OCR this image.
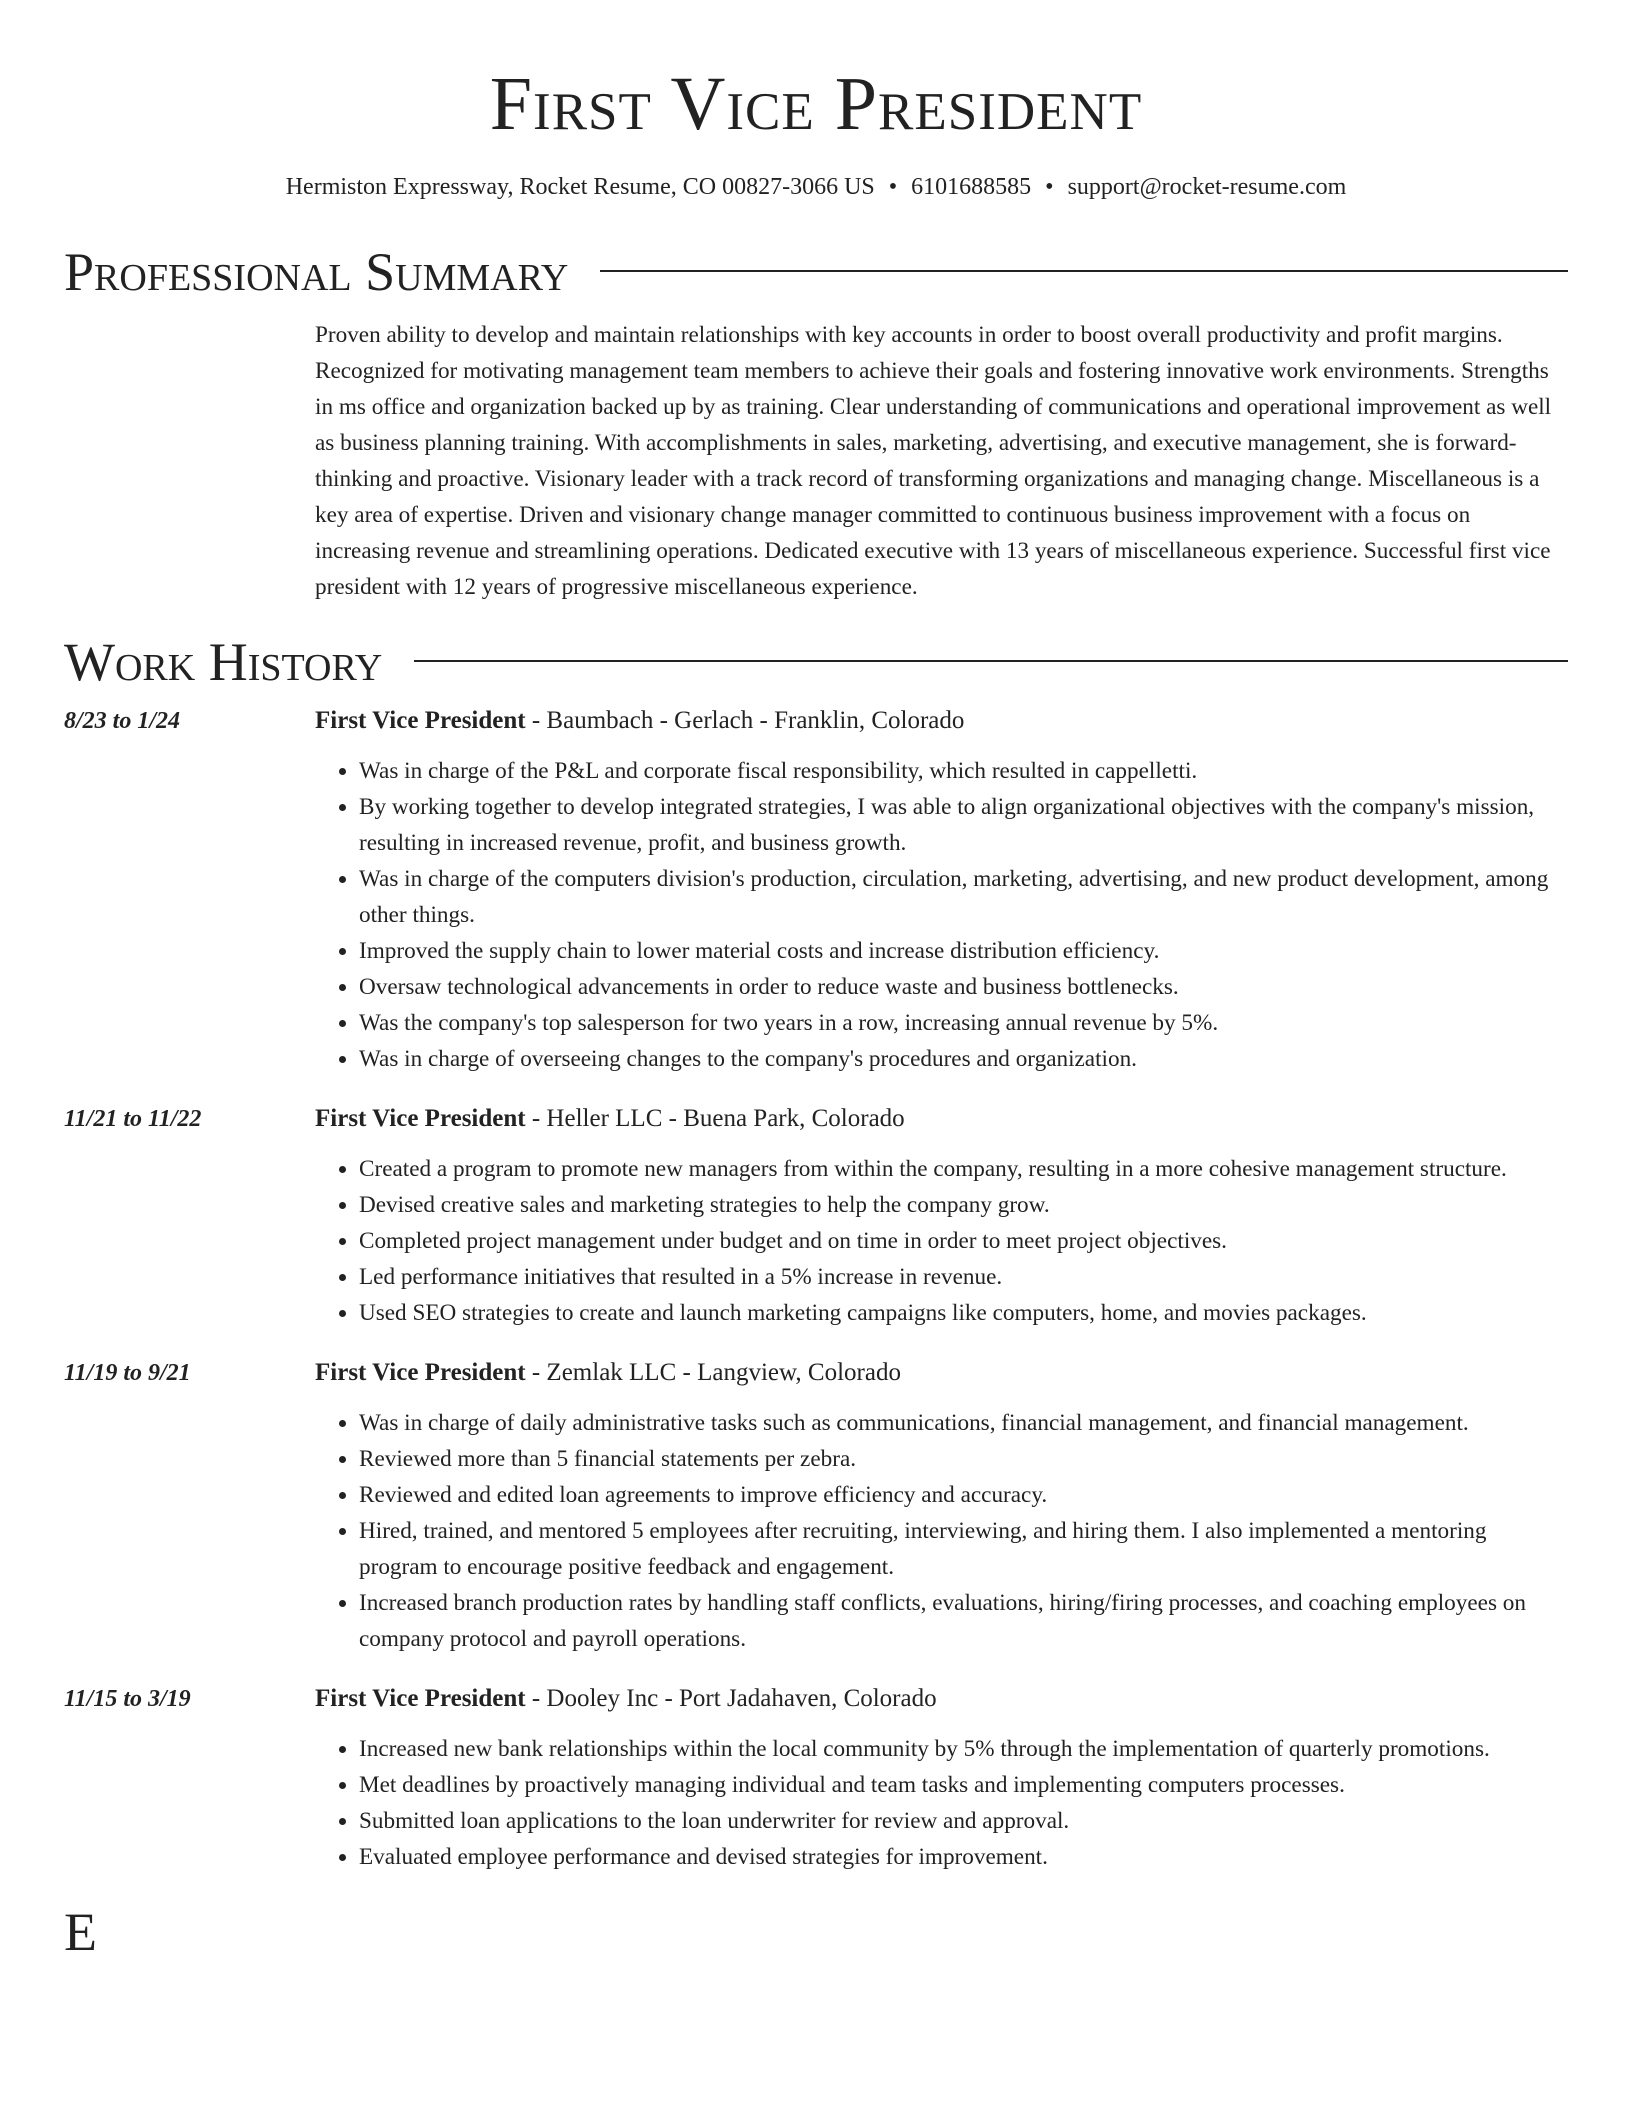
First Vice President
Hermiston Expressway, Rocket Resume, CO 00827-3066 US • 6101688585 • support@rocket-resume.com
Professional Summary
Proven ability to develop and maintain relationships with key accounts in order to boost overall productivity and profit margins. Recognized for motivating management team members to achieve their goals and fostering innovative work environments. Strengths in ms office and organization backed up by as training. Clear understanding of communications and operational improvement as well as business planning training. With accomplishments in sales, marketing, advertising, and executive management, she is forward-thinking and proactive. Visionary leader with a track record of transforming organizations and managing change. Miscellaneous is a key area of expertise. Driven and visionary change manager committed to continuous business improvement with a focus on increasing revenue and streamlining operations. Dedicated executive with 13 years of miscellaneous experience. Successful first vice president with 12 years of progressive miscellaneous experience.
Work History
8/23 to 1/24	First Vice President - Baumbach - Gerlach - Franklin, Colorado
• Was in charge of the P&L and corporate fiscal responsibility, which resulted in cappelletti.
• By working together to develop integrated strategies, I was able to align organizational objectives with the company's mission, resulting in increased revenue, profit, and business growth.
• Was in charge of the computers division's production, circulation, marketing, advertising, and new product development, among other things.
• Improved the supply chain to lower material costs and increase distribution efficiency.
• Oversaw technological advancements in order to reduce waste and business bottlenecks.
• Was the company's top salesperson for two years in a row, increasing annual revenue by 5%.
• Was in charge of overseeing changes to the company's procedures and organization.
11/21 to 11/22	First Vice President - Heller LLC - Buena Park, Colorado
• Created a program to promote new managers from within the company, resulting in a more cohesive management structure.
• Devised creative sales and marketing strategies to help the company grow.
• Completed project management under budget and on time in order to meet project objectives.
• Led performance initiatives that resulted in a 5% increase in revenue.
• Used SEO strategies to create and launch marketing campaigns like computers, home, and movies packages.
11/19 to 9/21	First Vice President - Zemlak LLC - Langview, Colorado
• Was in charge of daily administrative tasks such as communications, financial management, and financial management.
• Reviewed more than 5 financial statements per zebra.
• Reviewed and edited loan agreements to improve efficiency and accuracy.
• Hired, trained, and mentored 5 employees after recruiting, interviewing, and hiring them. I also implemented a mentoring program to encourage positive feedback and engagement.
• Increased branch production rates by handling staff conflicts, evaluations, hiring/firing processes, and coaching employees on company protocol and payroll operations.
11/15 to 3/19	First Vice President - Dooley Inc - Port Jadahaven, Colorado
• Increased new bank relationships within the local community by 5% through the implementation of quarterly promotions.
• Met deadlines by proactively managing individual and team tasks and implementing computers processes.
• Submitted loan applications to the loan underwriter for review and approval.
• Evaluated employee performance and devised strategies for improvement.
E
